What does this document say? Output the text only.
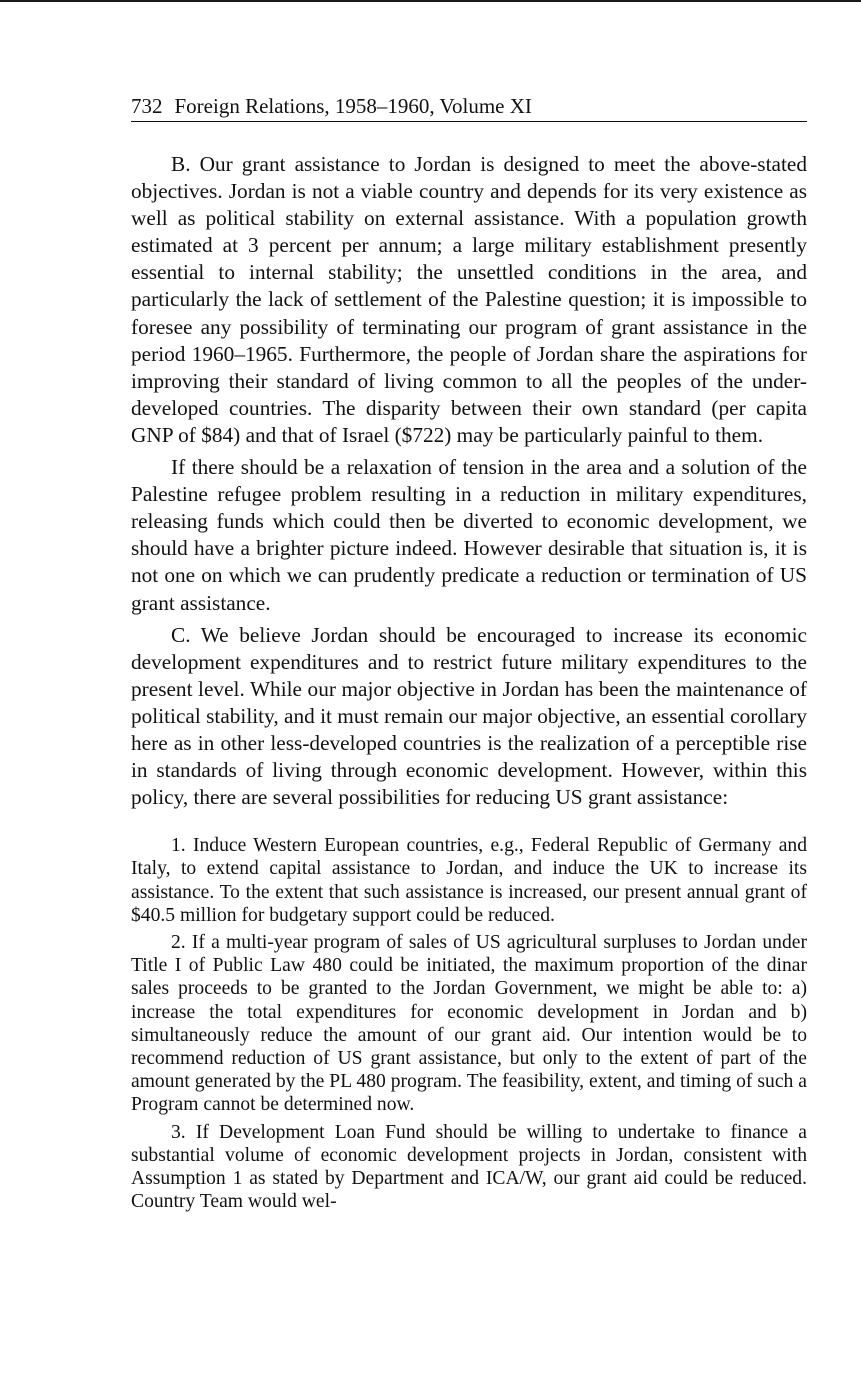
732 Foreign Relations, 1958–1960, Volume XI

B. Our grant assistance to Jordan is designed to meet the above-stated objectives. Jordan is not a viable country and depends for its very existence as well as political stability on external assistance. With a population growth estimated at 3 percent per annum; a large military establishment presently essential to internal stability; the unsettled conditions in the area, and particularly the lack of settlement of the Palestine question; it is impossible to foresee any possibility of terminating our program of grant assistance in the period 1960–1965. Furthermore, the people of Jordan share the aspirations for improving their standard of living common to all the peoples of the under-developed countries. The disparity between their own standard (per capita GNP of $84) and that of Israel ($722) may be particularly painful to them.

If there should be a relaxation of tension in the area and a solution of the Palestine refugee problem resulting in a reduction in military expenditures, releasing funds which could then be diverted to economic development, we should have a brighter picture indeed. However desirable that situation is, it is not one on which we can prudently predicate a reduction or termination of US grant assistance.

C. We believe Jordan should be encouraged to increase its economic development expenditures and to restrict future military expenditures to the present level. While our major objective in Jordan has been the maintenance of political stability, and it must remain our major objective, an essential corollary here as in other less-developed countries is the realization of a perceptible rise in standards of living through economic development. However, within this policy, there are several possibilities for reducing US grant assistance:

1. Induce Western European countries, e.g., Federal Republic of Germany and Italy, to extend capital assistance to Jordan, and induce the UK to increase its assistance. To the extent that such assistance is increased, our present annual grant of $40.5 million for budgetary support could be reduced.

2. If a multi-year program of sales of US agricultural surpluses to Jordan under Title I of Public Law 480 could be initiated, the maximum proportion of the dinar sales proceeds to be granted to the Jordan Government, we might be able to: a) increase the total expenditures for economic development in Jordan and b) simultaneously reduce the amount of our grant aid. Our intention would be to recommend reduction of US grant assistance, but only to the extent of part of the amount generated by the PL 480 program. The feasibility, extent, and timing of such a Program cannot be determined now.

3. If Development Loan Fund should be willing to undertake to finance a substantial volume of economic development projects in Jordan, consistent with Assumption 1 as stated by Department and ICA/W, our grant aid could be reduced. Country Team would wel-
